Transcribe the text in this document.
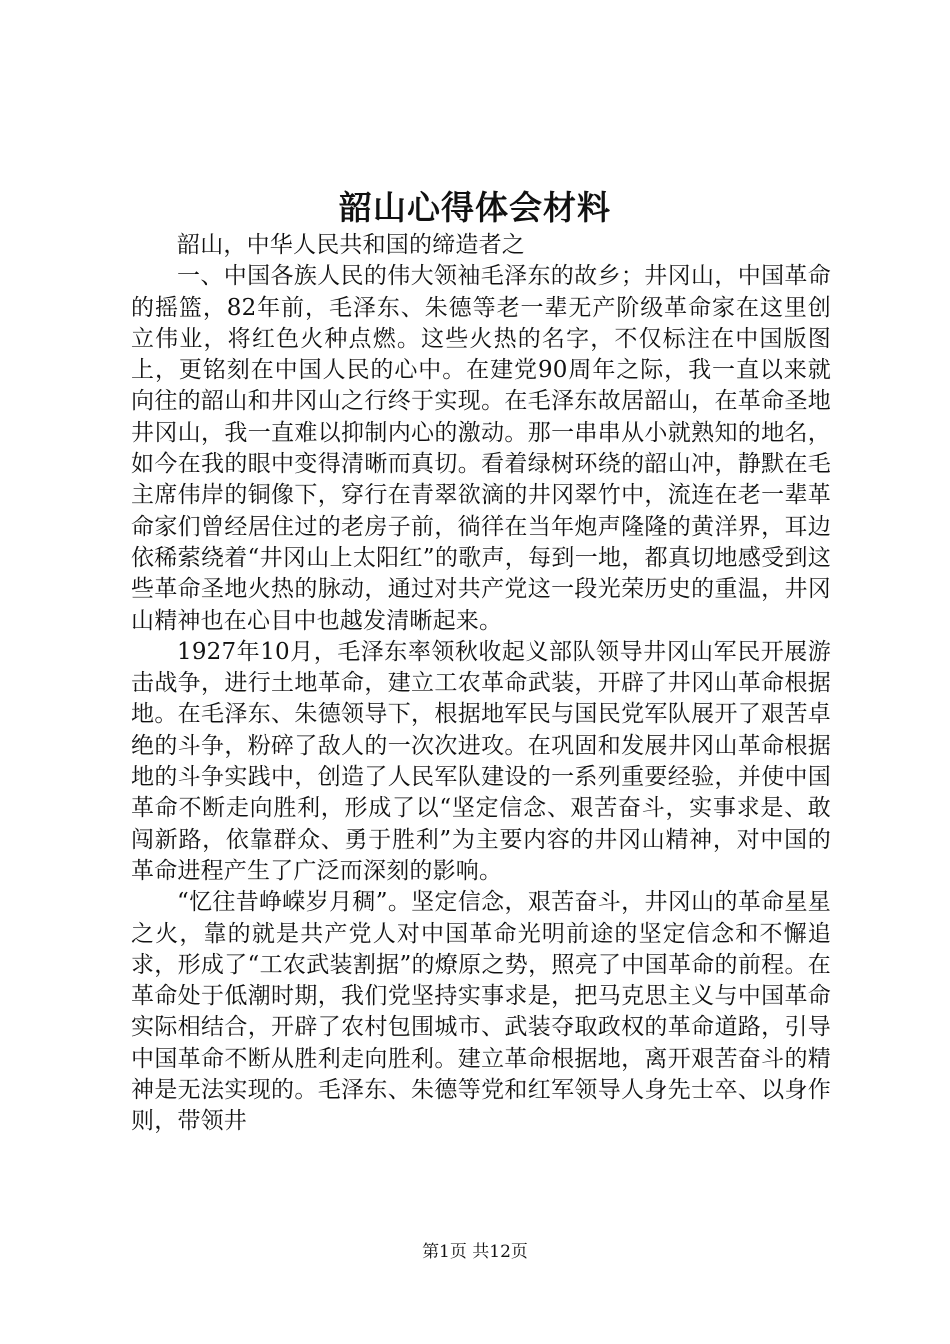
韶山心得体会材料

韶山，中华人民共和国的缔造者之

一、中国各族人民的伟大领袖毛泽东的故乡；井冈山，中国革命的摇篮，82年前，毛泽东、朱德等老一辈无产阶级革命家在这里创立伟业，将红色火种点燃。这些火热的名字，不仅标注在中国版图上，更铭刻在中国人民的心中。在建党90周年之际，我一直以来就向往的韶山和井冈山之行终于实现。在毛泽东故居韶山，在革命圣地井冈山，我一直难以抑制内心的激动。那一串串从小就熟知的地名，如今在我的眼中变得清晰而真切。看着绿树环绕的韶山冲，静默在毛主席伟岸的铜像下，穿行在青翠欲滴的井冈翠竹中，流连在老一辈革命家们曾经居住过的老房子前，徜徉在当年炮声隆隆的黄洋界，耳边依稀萦绕着“井冈山上太阳红”的歌声，每到一地，都真切地感受到这些革命圣地火热的脉动，通过对共产党这一段光荣历史的重温，井冈山精神也在心目中也越发清晰起来。

1927年10月，毛泽东率领秋收起义部队领导井冈山军民开展游击战争，进行土地革命，建立工农革命武装，开辟了井冈山革命根据地。在毛泽东、朱德领导下，根据地军民与国民党军队展开了艰苦卓绝的斗争，粉碎了敌人的一次次进攻。在巩固和发展井冈山革命根据地的斗争实践中，创造了人民军队建设的一系列重要经验，并使中国革命不断走向胜利，形成了以“坚定信念、艰苦奋斗，实事求是、敢闯新路，依靠群众、勇于胜利”为主要内容的井冈山精神，对中国的革命进程产生了广泛而深刻的影响。

“忆往昔峥嵘岁月稠”。坚定信念，艰苦奋斗，井冈山的革命星星之火，靠的就是共产党人对中国革命光明前途的坚定信念和不懈追求，形成了“工农武装割据”的燎原之势，照亮了中国革命的前程。在革命处于低潮时期，我们党坚持实事求是，把马克思主义与中国革命实际相结合，开辟了农村包围城市、武装夺取政权的革命道路，引导中国革命不断从胜利走向胜利。建立革命根据地，离开艰苦奋斗的精神是无法实现的。毛泽东、朱德等党和红军领导人身先士卒、以身作则，带领井

第1页 共12页
